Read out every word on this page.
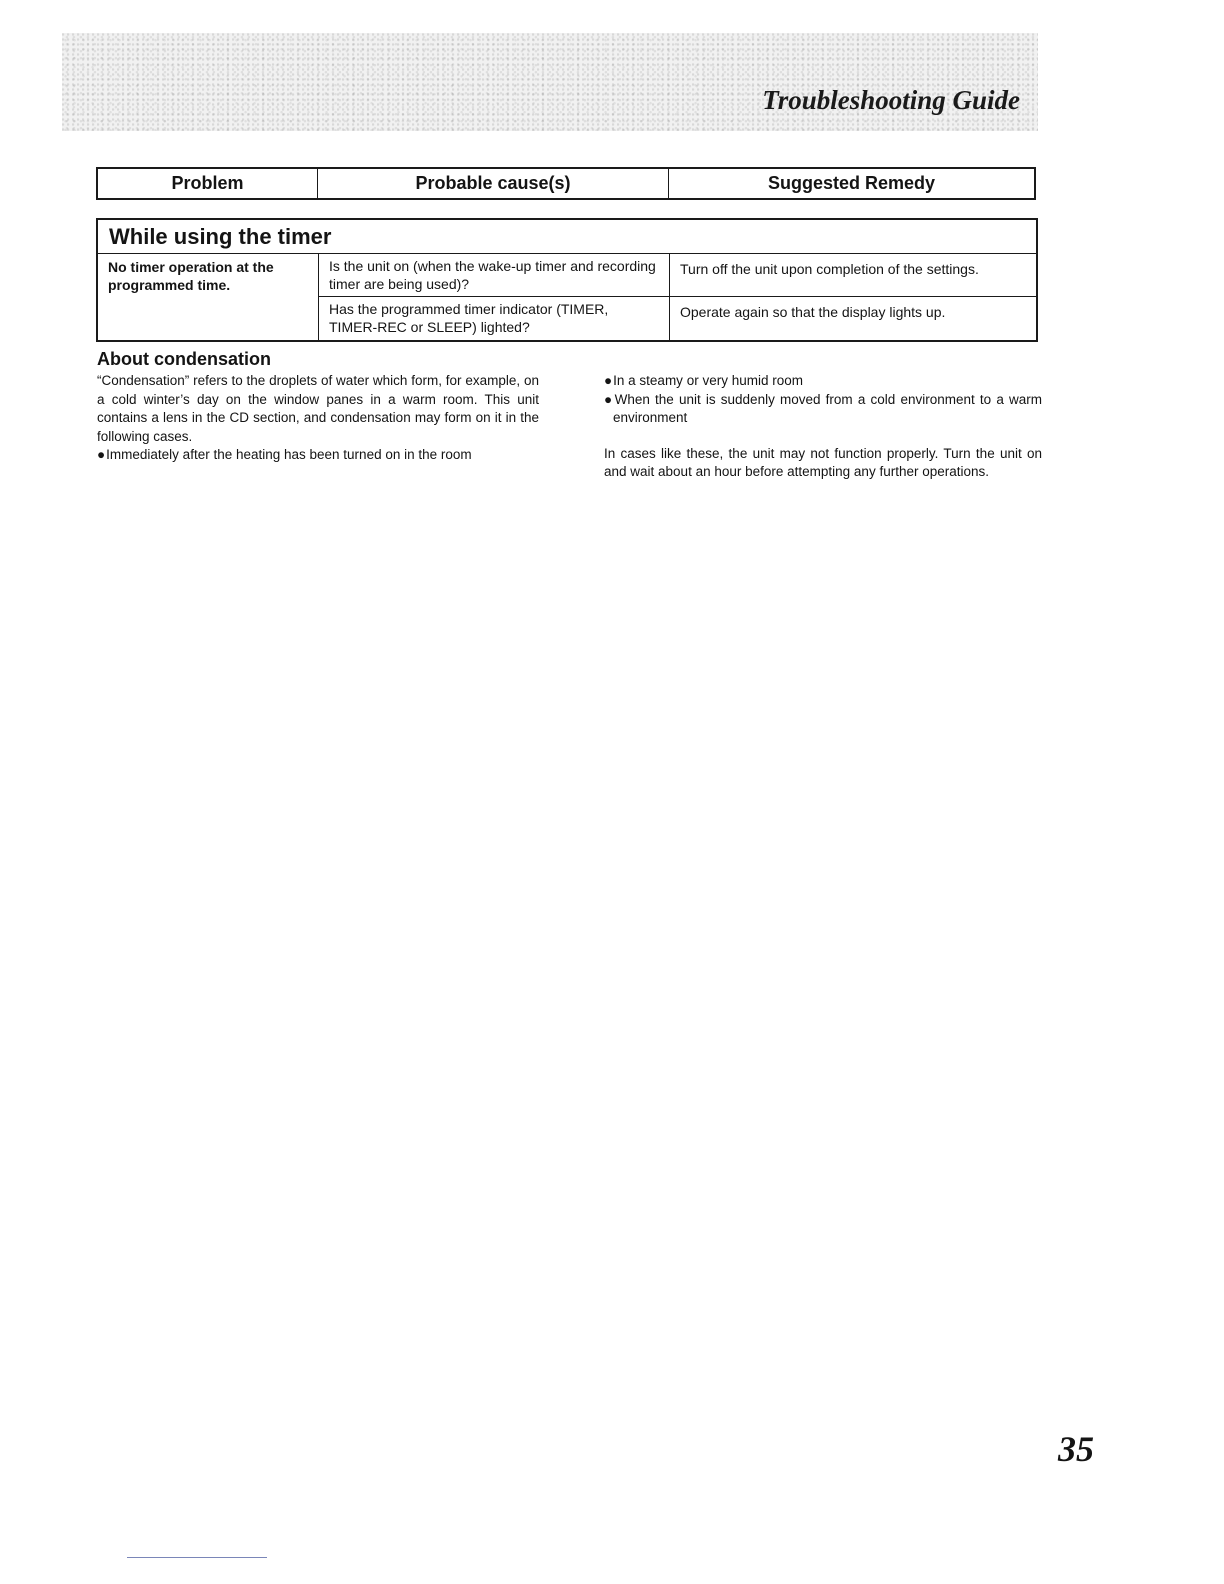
Troubleshooting Guide
Problem	Probable cause(s)	Suggested Remedy
While using the timer
No timer operation at the programmed time.
Is the unit on (when the wake-up timer and recording timer are being used)?
Turn off the unit upon completion of the settings.
Has the programmed timer indicator (TIMER, TIMER-REC or SLEEP) lighted?
Operate again so that the display lights up.
About condensation

“Condensation” refers to the droplets of water which form, for example, on a cold winter’s day on the window panes in a warm room. This unit contains a lens in the CD section, and condensation may form on it in the following cases.

●Immediately after the heating has been turned on in the room

●In a steamy or very humid room

●When the unit is suddenly moved from a cold environment to a warm environment

In cases like these, the unit may not function properly. Turn the unit on and wait about an hour before attempting any further operations.

35
